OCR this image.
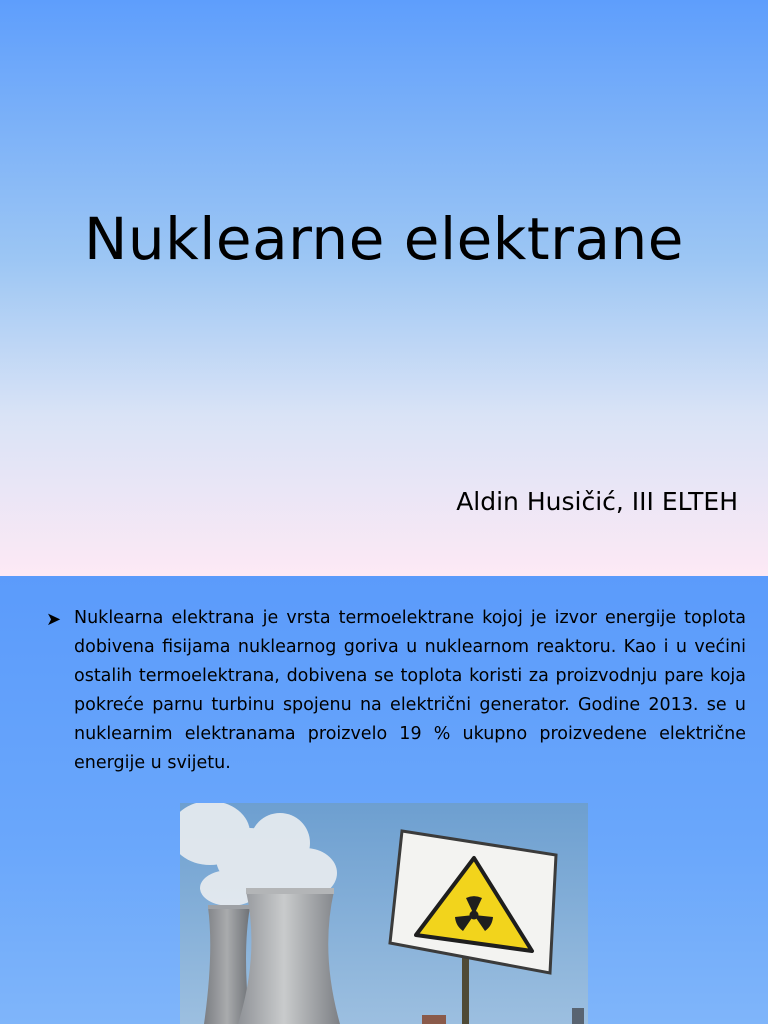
Nuklearne elektrane
Aldin Husičić, III ELTEH
➤ Nuklearna elektrana je vrsta termoelektrane kojoj je izvor energije toplota dobivena fisijama nuklearnog goriva u nuklearnom reaktoru. Kao i u većini ostalih termoelektrana, dobivena se toplota koristi za proizvodnju pare koja pokreće parnu turbinu spojenu na električni generator. Godine 2013. se u nuklearnim elektranama proizvelo 19 % ukupno proizvedene električne energije u svijetu.
